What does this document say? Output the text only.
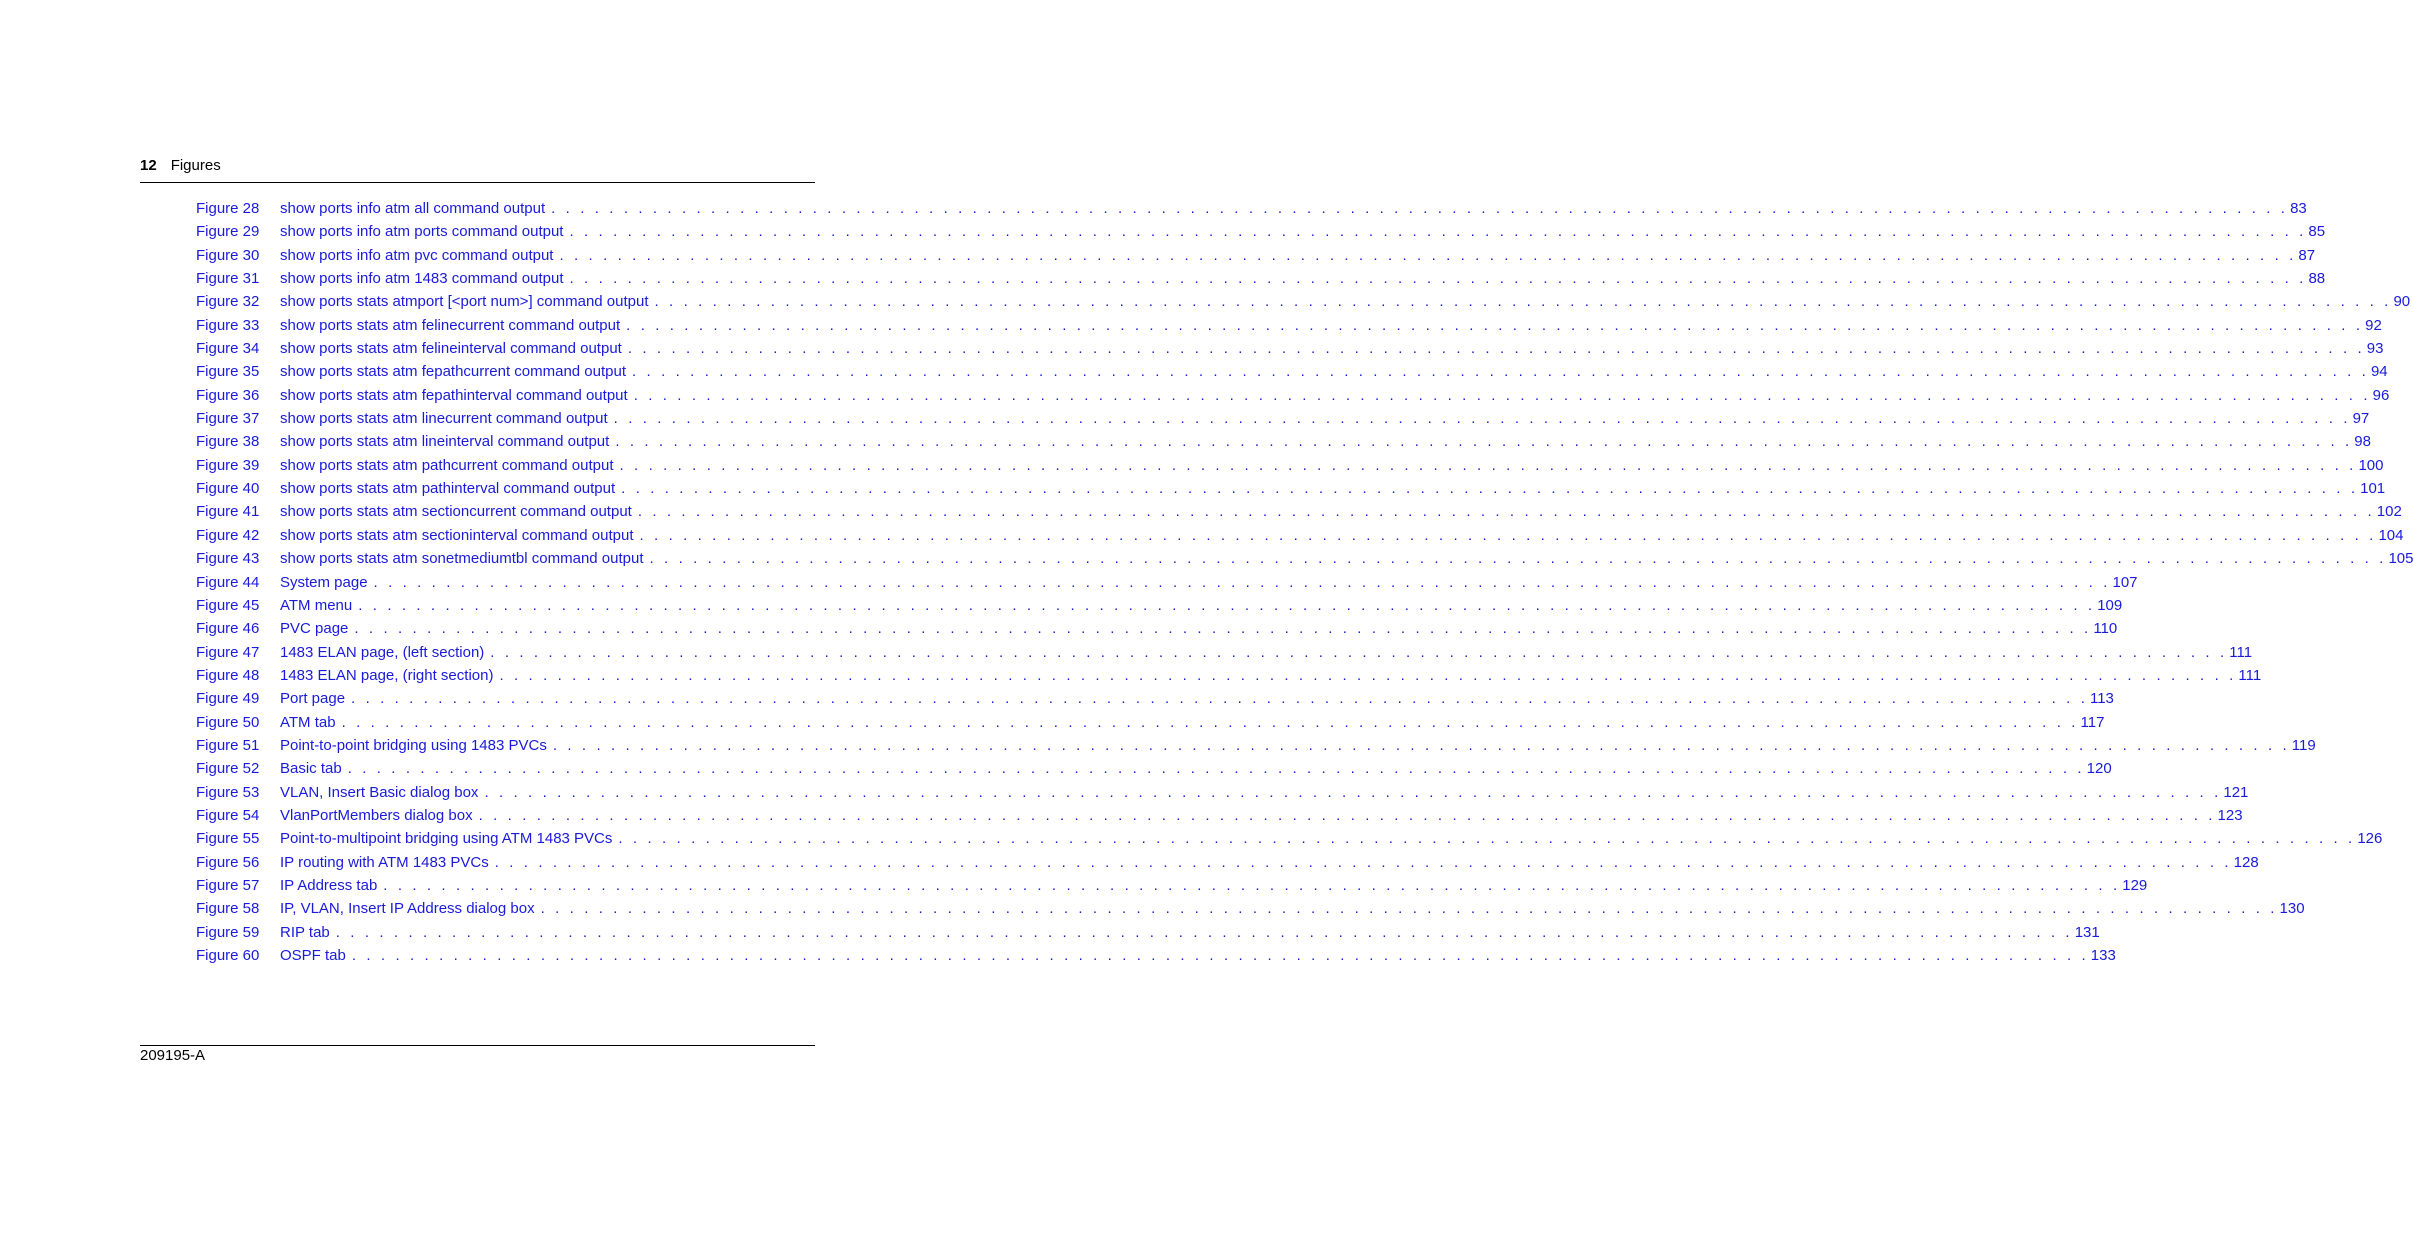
12 Figures
Figure 28	show ports info atm all command output . . . . . . . . . . . . . . . . . . . . . . . . . . . . . . . . . . . . . . . . . . . . . . . . . . . . . . . . . . . . . . . . . . . . . . . . . . . . . . . . . . . . . . . . . . . . . . . . . . . . . . . . . . . . . . . . . . . . . . . . 83
Figure 29	show ports info atm ports command output . . . . . . . . . . . . . . . . . . . . . . . . . . . . . . . . . . . . . . . . . . . . . . . . . . . . . . . . . . . . . . . . . . . . . . . . . . . . . . . . . . . . . . . . . . . . . . . . . . . . . . . . . . . . . . . . . . . . . . . . 85
Figure 30	show ports info atm pvc command output . . . . . . . . . . . . . . . . . . . . . . . . . . . . . . . . . . . . . . . . . . . . . . . . . . . . . . . . . . . . . . . . . . . . . . . . . . . . . . . . . . . . . . . . . . . . . . . . . . . . . . . . . . . . . . . . . . . . . . . . 87
Figure 31	show ports info atm 1483 command output . . . . . . . . . . . . . . . . . . . . . . . . . . . . . . . . . . . . . . . . . . . . . . . . . . . . . . . . . . . . . . . . . . . . . . . . . . . . . . . . . . . . . . . . . . . . . . . . . . . . . . . . . . . . . . . . . . . . . . . . 88
Figure 32	show ports stats atmport [<port num>] command output . . . . . . . . . . . . . . . . . . . . . . . . . . . . . . . . . . . . . . . . . . . . . . . . . . . . . . . . . . . . . . . . . . . . . . . . . . . . . . . . . . . . . . . . . . . . . . . . . . . . . . . . . . . . . . . . . . . . . . . . 90
Figure 33	show ports stats atm felinecurrent command output . . . . . . . . . . . . . . . . . . . . . . . . . . . . . . . . . . . . . . . . . . . . . . . . . . . . . . . . . . . . . . . . . . . . . . . . . . . . . . . . . . . . . . . . . . . . . . . . . . . . . . . . . . . . . . . . . . . . . . . . 92
Figure 34	show ports stats atm felineinterval command output . . . . . . . . . . . . . . . . . . . . . . . . . . . . . . . . . . . . . . . . . . . . . . . . . . . . . . . . . . . . . . . . . . . . . . . . . . . . . . . . . . . . . . . . . . . . . . . . . . . . . . . . . . . . . . . . . . . . . . . . 93
Figure 35	show ports stats atm fepathcurrent command output . . . . . . . . . . . . . . . . . . . . . . . . . . . . . . . . . . . . . . . . . . . . . . . . . . . . . . . . . . . . . . . . . . . . . . . . . . . . . . . . . . . . . . . . . . . . . . . . . . . . . . . . . . . . . . . . . . . . . . . . 94
Figure 36	show ports stats atm fepathinterval command output . . . . . . . . . . . . . . . . . . . . . . . . . . . . . . . . . . . . . . . . . . . . . . . . . . . . . . . . . . . . . . . . . . . . . . . . . . . . . . . . . . . . . . . . . . . . . . . . . . . . . . . . . . . . . . . . . . . . . . . . 96
Figure 37	show ports stats atm linecurrent command output . . . . . . . . . . . . . . . . . . . . . . . . . . . . . . . . . . . . . . . . . . . . . . . . . . . . . . . . . . . . . . . . . . . . . . . . . . . . . . . . . . . . . . . . . . . . . . . . . . . . . . . . . . . . . . . . . . . . . . . . 97
Figure 38	show ports stats atm lineinterval command output . . . . . . . . . . . . . . . . . . . . . . . . . . . . . . . . . . . . . . . . . . . . . . . . . . . . . . . . . . . . . . . . . . . . . . . . . . . . . . . . . . . . . . . . . . . . . . . . . . . . . . . . . . . . . . . . . . . . . . . . 98
Figure 39	show ports stats atm pathcurrent command output . . . . . . . . . . . . . . . . . . . . . . . . . . . . . . . . . . . . . . . . . . . . . . . . . . . . . . . . . . . . . . . . . . . . . . . . . . . . . . . . . . . . . . . . . . . . . . . . . . . . . . . . . . . . . . . . . . . . . . . . 100
Figure 40	show ports stats atm pathinterval command output . . . . . . . . . . . . . . . . . . . . . . . . . . . . . . . . . . . . . . . . . . . . . . . . . . . . . . . . . . . . . . . . . . . . . . . . . . . . . . . . . . . . . . . . . . . . . . . . . . . . . . . . . . . . . . . . . . . . . . . . 101
Figure 41	show ports stats atm sectioncurrent command output . . . . . . . . . . . . . . . . . . . . . . . . . . . . . . . . . . . . . . . . . . . . . . . . . . . . . . . . . . . . . . . . . . . . . . . . . . . . . . . . . . . . . . . . . . . . . . . . . . . . . . . . . . . . . . . . . . . . . . . . 102
Figure 42	show ports stats atm sectioninterval command output . . . . . . . . . . . . . . . . . . . . . . . . . . . . . . . . . . . . . . . . . . . . . . . . . . . . . . . . . . . . . . . . . . . . . . . . . . . . . . . . . . . . . . . . . . . . . . . . . . . . . . . . . . . . . . . . . . . . . . . . 104
Figure 43	show ports stats atm sonetmediumtbl command output . . . . . . . . . . . . . . . . . . . . . . . . . . . . . . . . . . . . . . . . . . . . . . . . . . . . . . . . . . . . . . . . . . . . . . . . . . . . . . . . . . . . . . . . . . . . . . . . . . . . . . . . . . . . . . . . . . . . . . . . 105
Figure 44	System page . . . . . . . . . . . . . . . . . . . . . . . . . . . . . . . . . . . . . . . . . . . . . . . . . . . . . . . . . . . . . . . . . . . . . . . . . . . . . . . . . . . . . . . . . . . . . . . . . . . . . . . . . . . . . . . . . . . . . . . . 107
Figure 45	ATM menu . . . . . . . . . . . . . . . . . . . . . . . . . . . . . . . . . . . . . . . . . . . . . . . . . . . . . . . . . . . . . . . . . . . . . . . . . . . . . . . . . . . . . . . . . . . . . . . . . . . . . . . . . . . . . . . . . . . . . . . . 109
Figure 46	PVC page . . . . . . . . . . . . . . . . . . . . . . . . . . . . . . . . . . . . . . . . . . . . . . . . . . . . . . . . . . . . . . . . . . . . . . . . . . . . . . . . . . . . . . . . . . . . . . . . . . . . . . . . . . . . . . . . . . . . . . . . 110
Figure 47	1483 ELAN page, (left section) . . . . . . . . . . . . . . . . . . . . . . . . . . . . . . . . . . . . . . . . . . . . . . . . . . . . . . . . . . . . . . . . . . . . . . . . . . . . . . . . . . . . . . . . . . . . . . . . . . . . . . . . . . . . . . . . . . . . . . . . 111
Figure 48	1483 ELAN page, (right section) . . . . . . . . . . . . . . . . . . . . . . . . . . . . . . . . . . . . . . . . . . . . . . . . . . . . . . . . . . . . . . . . . . . . . . . . . . . . . . . . . . . . . . . . . . . . . . . . . . . . . . . . . . . . . . . . . . . . . . . . 111
Figure 49	Port page . . . . . . . . . . . . . . . . . . . . . . . . . . . . . . . . . . . . . . . . . . . . . . . . . . . . . . . . . . . . . . . . . . . . . . . . . . . . . . . . . . . . . . . . . . . . . . . . . . . . . . . . . . . . . . . . . . . . . . . . 113
Figure 50	ATM tab . . . . . . . . . . . . . . . . . . . . . . . . . . . . . . . . . . . . . . . . . . . . . . . . . . . . . . . . . . . . . . . . . . . . . . . . . . . . . . . . . . . . . . . . . . . . . . . . . . . . . . . . . . . . . . . . . . . . . . . . 117
Figure 51	Point-to-point bridging using 1483 PVCs . . . . . . . . . . . . . . . . . . . . . . . . . . . . . . . . . . . . . . . . . . . . . . . . . . . . . . . . . . . . . . . . . . . . . . . . . . . . . . . . . . . . . . . . . . . . . . . . . . . . . . . . . . . . . . . . . . . . . . . . 119
Figure 52	Basic tab . . . . . . . . . . . . . . . . . . . . . . . . . . . . . . . . . . . . . . . . . . . . . . . . . . . . . . . . . . . . . . . . . . . . . . . . . . . . . . . . . . . . . . . . . . . . . . . . . . . . . . . . . . . . . . . . . . . . . . . . 120
Figure 53	VLAN, Insert Basic dialog box . . . . . . . . . . . . . . . . . . . . . . . . . . . . . . . . . . . . . . . . . . . . . . . . . . . . . . . . . . . . . . . . . . . . . . . . . . . . . . . . . . . . . . . . . . . . . . . . . . . . . . . . . . . . . . . . . . . . . . . . 121
Figure 54	VlanPortMembers dialog box . . . . . . . . . . . . . . . . . . . . . . . . . . . . . . . . . . . . . . . . . . . . . . . . . . . . . . . . . . . . . . . . . . . . . . . . . . . . . . . . . . . . . . . . . . . . . . . . . . . . . . . . . . . . . . . . . . . . . . . . 123
Figure 55	Point-to-multipoint bridging using ATM 1483 PVCs . . . . . . . . . . . . . . . . . . . . . . . . . . . . . . . . . . . . . . . . . . . . . . . . . . . . . . . . . . . . . . . . . . . . . . . . . . . . . . . . . . . . . . . . . . . . . . . . . . . . . . . . . . . . . . . . . . . . . . . . 126
Figure 56	IP routing with ATM 1483 PVCs . . . . . . . . . . . . . . . . . . . . . . . . . . . . . . . . . . . . . . . . . . . . . . . . . . . . . . . . . . . . . . . . . . . . . . . . . . . . . . . . . . . . . . . . . . . . . . . . . . . . . . . . . . . . . . . . . . . . . . . . 128
Figure 57	IP Address tab . . . . . . . . . . . . . . . . . . . . . . . . . . . . . . . . . . . . . . . . . . . . . . . . . . . . . . . . . . . . . . . . . . . . . . . . . . . . . . . . . . . . . . . . . . . . . . . . . . . . . . . . . . . . . . . . . . . . . . . . 129
Figure 58	IP, VLAN, Insert IP Address dialog box . . . . . . . . . . . . . . . . . . . . . . . . . . . . . . . . . . . . . . . . . . . . . . . . . . . . . . . . . . . . . . . . . . . . . . . . . . . . . . . . . . . . . . . . . . . . . . . . . . . . . . . . . . . . . . . . . . . . . . . . 130
Figure 59	RIP tab . . . . . . . . . . . . . . . . . . . . . . . . . . . . . . . . . . . . . . . . . . . . . . . . . . . . . . . . . . . . . . . . . . . . . . . . . . . . . . . . . . . . . . . . . . . . . . . . . . . . . . . . . . . . . . . . . . . . . . . . 131
Figure 60	OSPF tab . . . . . . . . . . . . . . . . . . . . . . . . . . . . . . . . . . . . . . . . . . . . . . . . . . . . . . . . . . . . . . . . . . . . . . . . . . . . . . . . . . . . . . . . . . . . . . . . . . . . . . . . . . . . . . . . . . . . . . . . 133
209195-A
